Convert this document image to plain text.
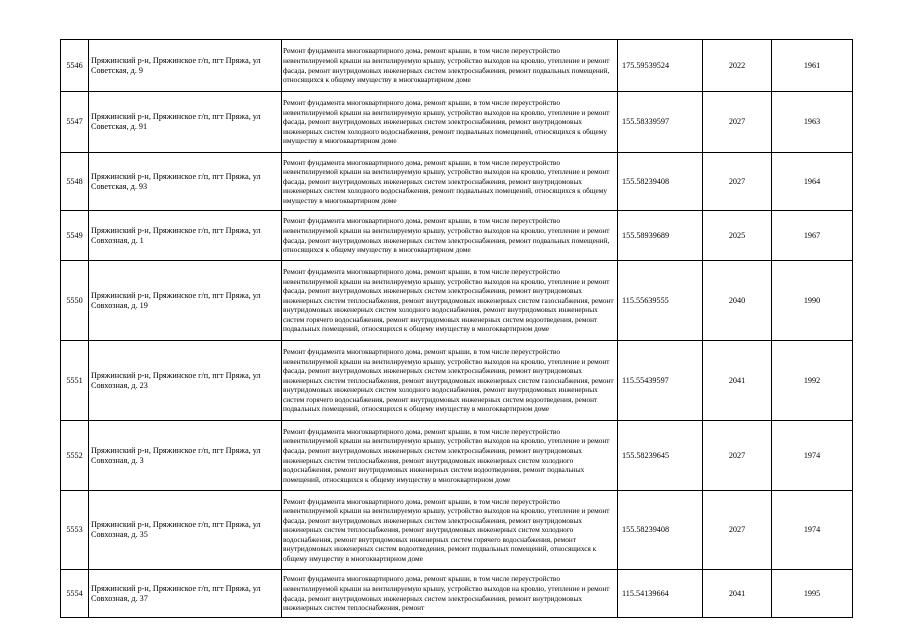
5546	Пряжинский р-н, Пряжинское г/п, пгт Пряжа, ул Советская, д. 9	Ремонт фундамента многоквартирного дома, ремонт крыши, в том числе переустройство невентилируемой крыши на вентилируемую крышу, устройство выходов на кровлю, утепление и ремонт фасада, ремонт внутридомовых инженерных систем электроснабжения, ремонт подвальных помещений, относящихся к общему имуществу в многоквартирном доме	175.59539524	2022	1961
5547	Пряжинский р-н, Пряжинское г/п, пгт Пряжа, ул Советская, д. 91	Ремонт фундамента многоквартирного дома, ремонт крыши, в том числе переустройство невентилируемой крыши на вентилируемую крышу, устройство выходов на кровлю, утепление и ремонт фасада, ремонт внутридомовых инженерных систем электроснабжения, ремонт внутридомовых инженерных систем холодного водоснабжения, ремонт подвальных помещений, относящихся к общему имуществу в многоквартирном доме	155.58339597	2027	1963
5548	Пряжинский р-н, Пряжинское г/п, пгт Пряжа, ул Советская, д. 93	Ремонт фундамента многоквартирного дома, ремонт крыши, в том числе переустройство невентилируемой крыши на вентилируемую крышу, устройство выходов на кровлю, утепление и ремонт фасада, ремонт внутридомовых инженерных систем электроснабжения, ремонт внутридомовых инженерных систем холодного водоснабжения, ремонт подвальных помещений, относящихся к общему имуществу в многоквартирном доме	155.58239408	2027	1964
5549	Пряжинский р-н, Пряжинское г/п, пгт Пряжа, ул Совхозная, д. 1	Ремонт фундамента многоквартирного дома, ремонт крыши, в том числе переустройство невентилируемой крыши на вентилируемую крышу, устройство выходов на кровлю, утепление и ремонт фасада, ремонт внутридомовых инженерных систем электроснабжения, ремонт подвальных помещений, относящихся к общему имуществу в многоквартирном доме	155.58939689	2025	1967
5550	Пряжинский р-н, Пряжинское г/п, пгт Пряжа, ул Совхозная, д. 19	Ремонт фундамента многоквартирного дома, ремонт крыши, в том числе переустройство невентилируемой крыши на вентилируемую крышу, устройство выходов на кровлю, утепление и ремонт фасада, ремонт внутридомовых инженерных систем электроснабжения, ремонт внутридомовых инженерных систем теплоснабжения, ремонт внутридомовых инженерных систем газоснабжения, ремонт внутридомовых инженерных систем холодного водоснабжения, ремонт внутридомовых инженерных систем горячего водоснабжения, ремонт внутридомовых инженерных систем водоотведения, ремонт подвальных помещений, относящихся к общему имуществу в многоквартирном доме	115.55639555	2040	1990
5551	Пряжинский р-н, Пряжинское г/п, пгт Пряжа, ул Совхозная, д. 23	Ремонт фундамента многоквартирного дома, ремонт крыши, в том числе переустройство невентилируемой крыши на вентилируемую крышу, устройство выходов на кровлю, утепление и ремонт фасада, ремонт внутридомовых инженерных систем электроснабжения, ремонт внутридомовых инженерных систем теплоснабжения, ремонт внутридомовых инженерных систем газоснабжения, ремонт внутридомовых инженерных систем холодного водоснабжения, ремонт внутридомовых инженерных систем горячего водоснабжения, ремонт внутридомовых инженерных систем водоотведения, ремонт подвальных помещений, относящихся к общему имуществу в многоквартирном доме	115.55439597	2041	1992
5552	Пряжинский р-н, Пряжинское г/п, пгт Пряжа, ул Совхозная, д. 3	Ремонт фундамента многоквартирного дома, ремонт крыши, в том числе переустройство невентилируемой крыши на вентилируемую крышу, устройство выходов на кровлю, утепление и ремонт фасада, ремонт внутридомовых инженерных систем электроснабжения, ремонт внутридомовых инженерных систем теплоснабжения, ремонт внутридомовых инженерных систем холодного водоснабжения, ремонт внутридомовых инженерных систем водоотведения, ремонт подвальных помещений, относящихся к общему имуществу в многоквартирном доме	155.58239645	2027	1974
5553	Пряжинский р-н, Пряжинское г/п, пгт Пряжа, ул Совхозная, д. 35	Ремонт фундамента многоквартирного дома, ремонт крыши, в том числе переустройство невентилируемой крыши на вентилируемую крышу, устройство выходов на кровлю, утепление и ремонт фасада, ремонт внутридомовых инженерных систем электроснабжения, ремонт внутридомовых инженерных систем теплоснабжения, ремонт внутридомовых инженерных систем холодного водоснабжения, ремонт внутридомовых инженерных систем горячего водоснабжения, ремонт внутридомовых инженерных систем водоотведения, ремонт подвальных помещений, относящихся к общему имуществу в многоквартирном доме	155.58239408	2027	1974
5554	Пряжинский р-н, Пряжинское г/п, пгт Пряжа, ул Совхозная, д. 37	Ремонт фундамента многоквартирного дома, ремонт крыши, в том числе переустройство невентилируемой крыши на вентилируемую крышу, устройство выходов на кровлю, утепление и ремонт фасада, ремонт внутридомовых инженерных систем электроснабжения, ремонт внутридомовых инженерных систем теплоснабжения, ремонт	115.54139664	2041	1995
